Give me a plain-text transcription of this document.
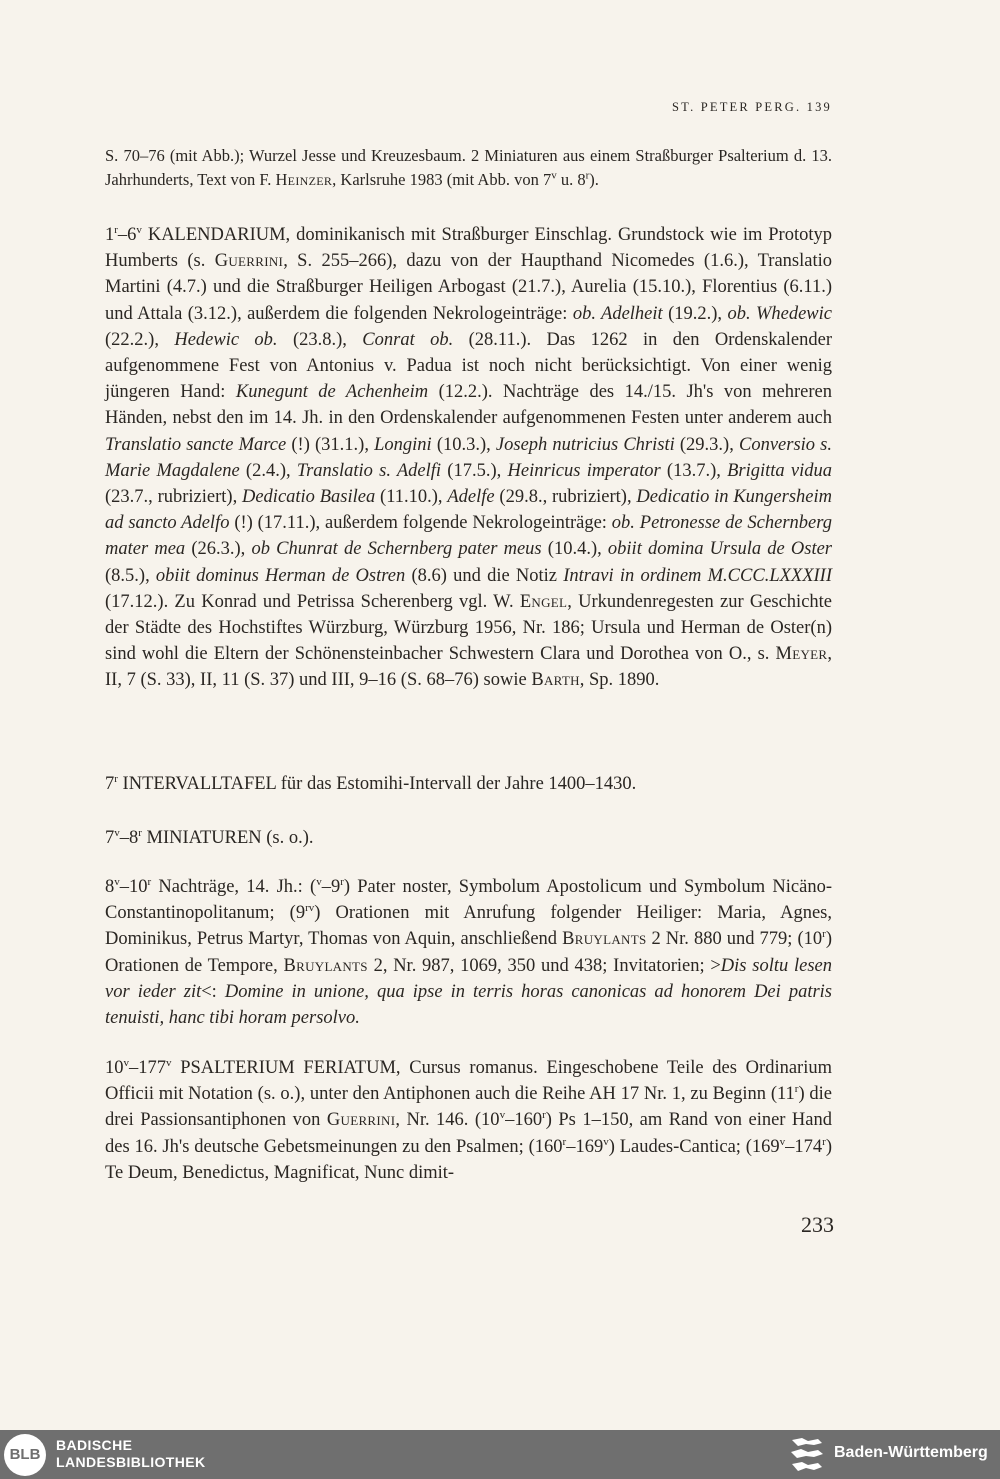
ST. PETER PERG. 139

S. 70–76 (mit Abb.); Wurzel Jesse und Kreuzesbaum. 2 Miniaturen aus einem Straßburger Psalterium d. 13. Jahrhunderts, Text von F. Heinzer, Karlsruhe 1983 (mit Abb. von 7$^v$ u. 8$^r$).

1$^r$–6$^v$ KALENDARIUM, dominikanisch mit Straßburger Einschlag. Grundstock wie im Prototyp Humberts (s. Guerrini, S. 255–266), dazu von der Haupthand Nicomedes (1.6.), Translatio Martini (4.7.) und die Straßburger Heiligen Arbogast (21.7.), Aurelia (15.10.), Florentius (6.11.) und Attala (3.12.), außerdem die folgenden Nekrologeinträge: ob. Adelheit (19.2.), ob. Whedewic (22.2.), Hedewic ob. (23.8.), Conrat ob. (28.11.). Das 1262 in den Ordenskalender aufgenommene Fest von Antonius v. Padua ist noch nicht berücksichtigt. Von einer wenig jüngeren Hand: Kunegunt de Achenheim (12.2.). Nachträge des 14./15. Jh's von mehreren Händen, nebst den im 14. Jh. in den Ordenskalender aufgenommenen Festen unter anderem auch Translatio sancte Marce (!) (31.1.), Longini (10.3.), Joseph nutricius Christi (29.3.), Conversio s. Marie Magdalene (2.4.), Translatio s. Adelfi (17.5.), Heinricus imperator (13.7.), Brigitta vidua (23.7., rubriziert), Dedicatio Basilea (11.10.), Adelfe (29.8., rubriziert), Dedicatio in Kungersheim ad sancto Adelfo (!) (17.11.), außerdem folgende Nekrologeinträge: ob. Petronesse de Schernberg mater mea (26.3.), ob Chunrat de Schernberg pater meus (10.4.), obiit domina Ursula de Oster (8.5.), obiit dominus Herman de Ostren (8.6) und die Notiz Intravi in ordinem M.CCC.LXXXIII (17.12.). Zu Konrad und Petrissa Scherenberg vgl. W. Engel, Urkundenregesten zur Geschichte der Städte des Hochstiftes Würzburg, Würzburg 1956, Nr. 186; Ursula und Herman de Oster(n) sind wohl die Eltern der Schönensteinbacher Schwestern Clara und Dorothea von O., s. Meyer, II, 7 (S. 33), II, 11 (S. 37) und III, 9–16 (S. 68–76) sowie Barth, Sp. 1890.

7$^r$ INTERVALLTAFEL für das Estomihi-Intervall der Jahre 1400–1430.

7$^v$–8$^r$ MINIATUREN (s. o.).

8$^v$–10$^r$ Nachträge, 14. Jh.: ($^v$–9$^r$) Pater noster, Symbolum Apostolicum und Symbolum Nicäno-Constantinopolitanum; $(9^{rv})$ Orationen mit Anrufung folgender Heiliger: Maria, Agnes, Dominikus, Petrus Martyr, Thomas von Aquin, anschließend Bruylants 2 Nr. 880 und 779; (10$^r$) Orationen de Tempore, Bruylants 2, Nr. 987, 1069, 350 und 438; Invitatorien; >Dis soltu lesen vor ieder zit<: Domine in unione, qua ipse in terris horas canonicas ad honorem Dei patris tenuisti, hanc tibi horam persolvo.

10$^v$–177$^v$ PSALTERIUM FERIATUM, Cursus romanus. Eingeschobene Teile des Ordinarium Officii mit Notation (s. o.), unter den Antiphonen auch die Reihe AH 17 Nr. 1, zu Beginn (11$^r$) die drei Passionsantiphonen von Guerrini, Nr. 146. (10$^v$–160$^r$) Ps 1–150, am Rand von einer Hand des 16. Jh's deutsche Gebetsmeinungen zu den Psalmen; (160$^r$–169$^v$) Laudes-Cantica; (169$^v$–174$^r$) Te Deum, Benedictus, Magnificat, Nunc dimit-

233
BLB
BADISCHE
LANDESBIBLIOTHEK
Baden-Württemberg
